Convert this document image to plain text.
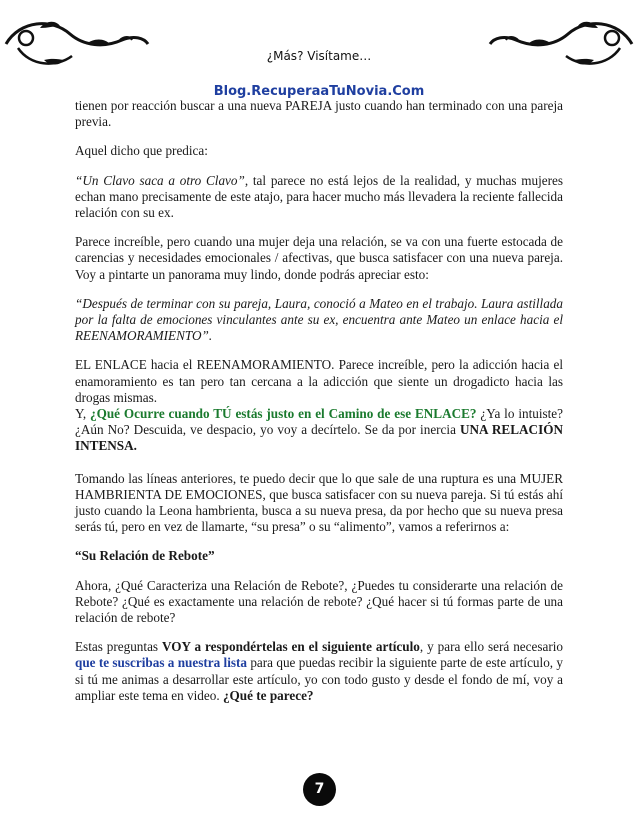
¿Más? Visítame…
Blog.RecuperaaTuNovia.Com

tienen por reacción buscar a una nueva PAREJA justo cuando han terminado con una pareja previa.

Aquel dicho que predica:

“Un Clavo saca a otro Clavo”, tal parece no está lejos de la realidad, y muchas mujeres echan mano precisamente de este atajo, para hacer mucho más llevadera la reciente fallecida relación con su ex.

Parece increíble, pero cuando una mujer deja una relación, se va con una fuerte estocada de carencias y necesidades emocionales / afectivas, que busca satisfacer con una nueva pareja. Voy a pintarte un panorama muy lindo, donde podrás apreciar esto:

“Después de terminar con su pareja, Laura, conoció a Mateo en el trabajo. Laura astillada por la falta de emociones vinculantes ante su ex, encuentra ante Mateo un enlace hacia el REENAMORAMIENTO”.

EL ENLACE hacia el REENAMORAMIENTO. Parece increíble, pero la adicción hacia el enamoramiento es tan pero tan cercana a la adicción que siente un drogadicto hacia las drogas mismas.
Y, ¿Qué Ocurre cuando TÚ estás justo en el Camino de ese ENLACE? ¿Ya lo intuiste? ¿Aún No? Descuida, ve despacio, yo voy a decírtelo. Se da por inercia UNA RELACIÓN INTENSA.

Tomando las líneas anteriores, te puedo decir que lo que sale de una ruptura es una MUJER HAMBRIENTA DE EMOCIONES, que busca satisfacer con su nueva pareja. Si tú estás ahí justo cuando la Leona hambrienta, busca a su nueva presa, da por hecho que su nueva presa serás tú, pero en vez de llamarte, “su presa” o su “alimento”, vamos a referirnos a:

“Su Relación de Rebote”

Ahora, ¿Qué Caracteriza una Relación de Rebote?, ¿Puedes tu considerarte una relación de Rebote? ¿Qué es exactamente una relación de rebote? ¿Qué hacer si tú formas parte de una relación de rebote?

Estas preguntas VOY a respondértelas en el siguiente artículo, y para ello será necesario que te suscribas a nuestra lista para que puedas recibir la siguiente parte de este artículo, y si tú me animas a desarrollar este artículo, yo con todo gusto y desde el fondo de mí, voy a ampliar este tema en video. ¿Qué te parece?

7
